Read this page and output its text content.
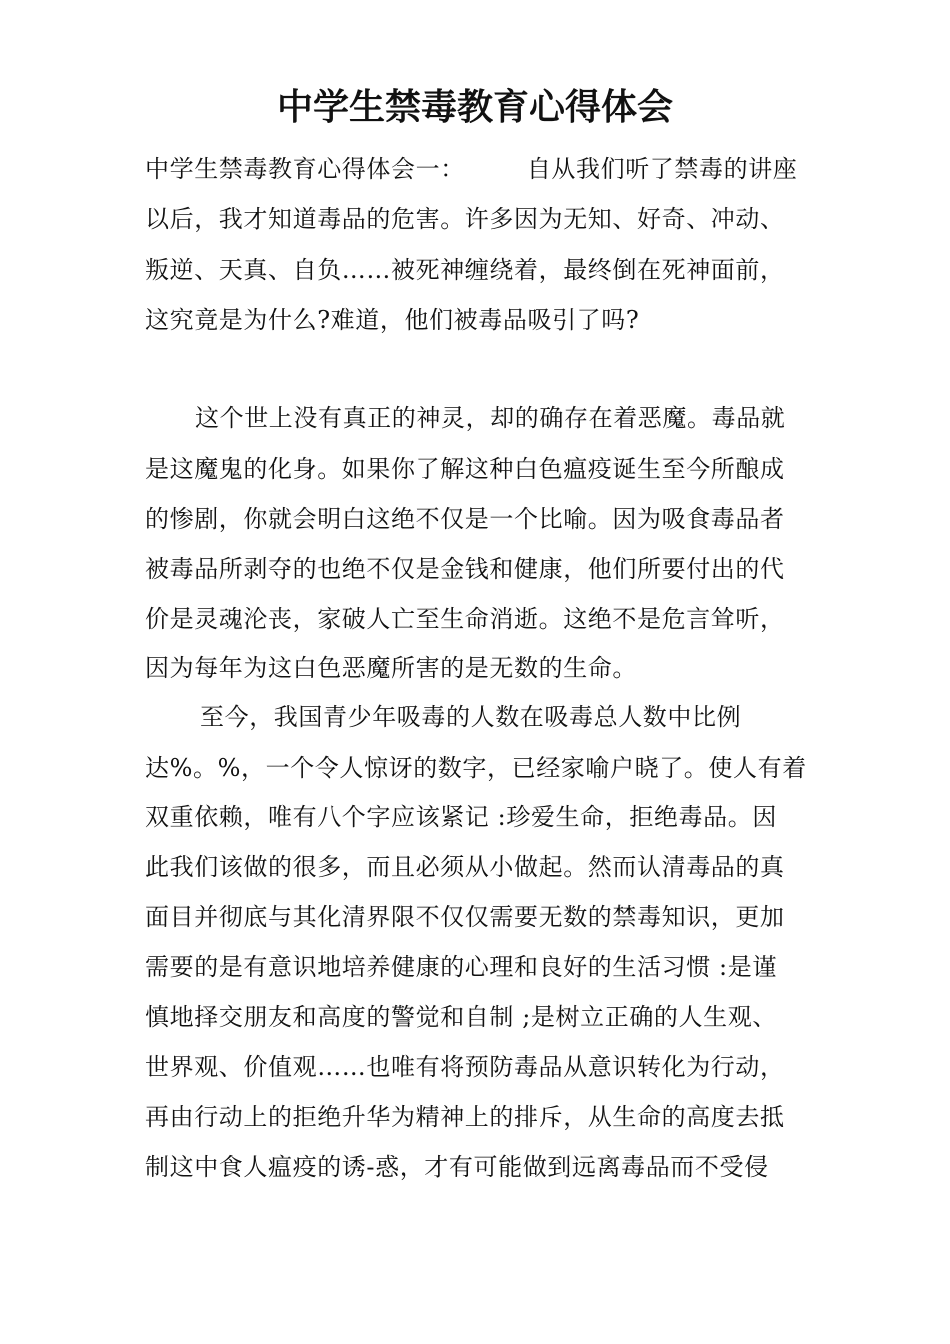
中学生禁毒教育心得体会
中学生禁毒教育心得体会一：	自从我们听了禁毒的讲座
以后，我才知道毒品的危害。许多因为无知、好奇、冲动、
叛逆、天真、自负……被死神缠绕着，最终倒在死神面前，
这究竟是为什么?难道，他们被毒品吸引了吗?
这个世上没有真正的神灵，却的确存在着恶魔。毒品就
是这魔鬼的化身。如果你了解这种白色瘟疫诞生至今所酿成
的惨剧，你就会明白这绝不仅是一个比喻。因为吸食毒品者
被毒品所剥夺的也绝不仅是金钱和健康，他们所要付出的代
价是灵魂沦丧，家破人亡至生命消逝。这绝不是危言耸听，
因为每年为这白色恶魔所害的是无数的生命。
至今，我国青少年吸毒的人数在吸毒总人数中比例
达%。%，一个令人惊讶的数字，已经家喻户晓了。使人有着
双重依赖，唯有八个字应该紧记 :珍爱生命，拒绝毒品。因
此我们该做的很多，而且必须从小做起。然而认清毒品的真
面目并彻底与其化清界限不仅仅需要无数的禁毒知识，更加
需要的是有意识地培养健康的心理和良好的生活习惯 :是谨
慎地择交朋友和高度的警觉和自制 ;是树立正确的人生观、
世界观、价值观……也唯有将预防毒品从意识转化为行动，
再由行动上的拒绝升华为精神上的排斥，从生命的高度去抵
制这中食人瘟疫的诱-惑，才有可能做到远离毒品而不受侵
